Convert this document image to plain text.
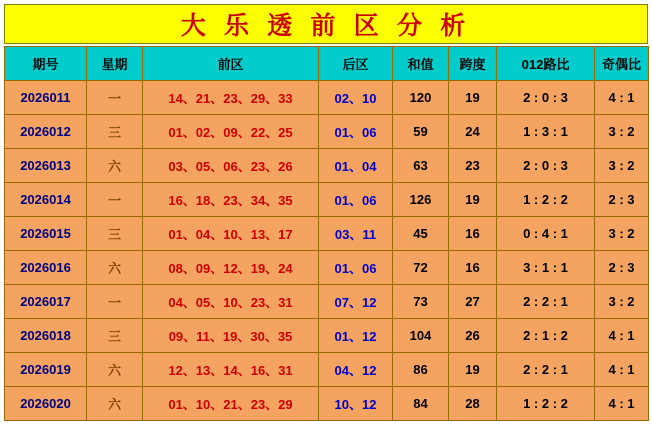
大 乐 透 前 区 分 析
期号	星期	前区	后区	和值	跨度	012路比	奇偶比
2026011	一	14、21、23、29、33	02、10	120	19	2 : 0 : 3	4 : 1
2026012	三	01、02、09、22、25	01、06	59	24	1 : 3 : 1	3 : 2
2026013	六	03、05、06、23、26	01、04	63	23	2 : 0 : 3	3 : 2
2026014	一	16、18、23、34、35	01、06	126	19	1 : 2 : 2	2 : 3
2026015	三	01、04、10、13、17	03、11	45	16	0 : 4 : 1	3 : 2
2026016	六	08、09、12、19、24	01、06	72	16	3 : 1 : 1	2 : 3
2026017	一	04、05、10、23、31	07、12	73	27	2 : 2 : 1	3 : 2
2026018	三	09、11、19、30、35	01、12	104	26	2 : 1 : 2	4 : 1
2026019	六	12、13、14、16、31	04、12	86	19	2 : 2 : 1	4 : 1
2026020	六	01、10、21、23、29	10、12	84	28	1 : 2 : 2	4 : 1
